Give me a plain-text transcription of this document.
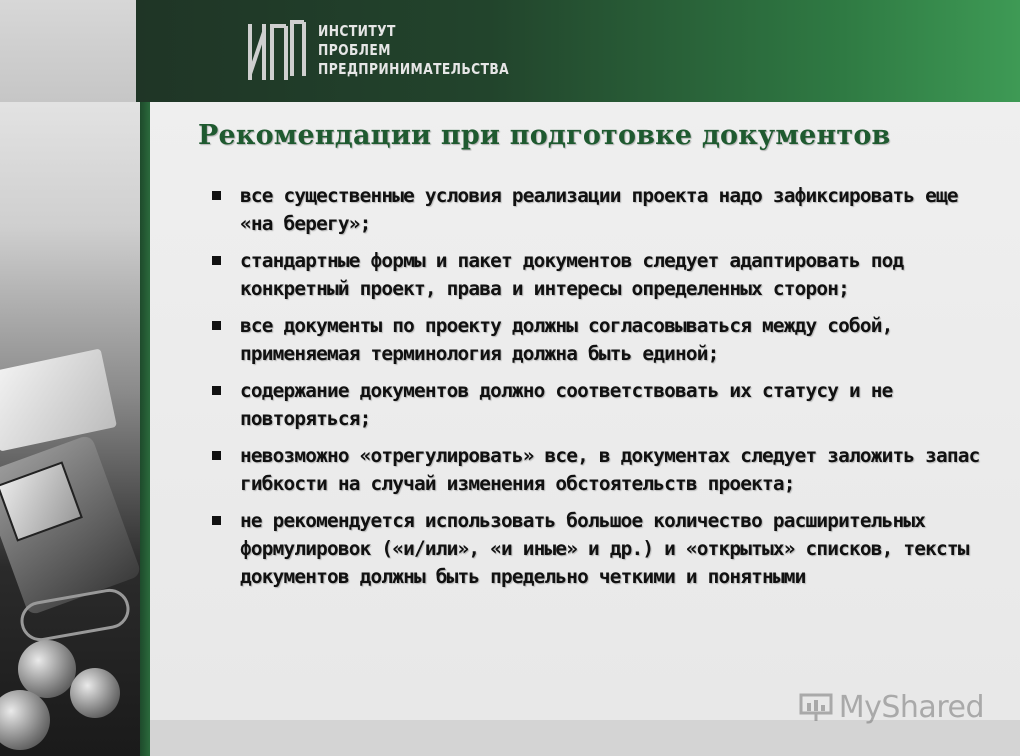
ИНСТИТУТ
ПРОБЛЕМ
ПРЕДПРИНИМАТЕЛЬСТВА
Рекомендации при подготовке документов
все существенные условия реализации проекта надо зафиксировать еще «на берегу»;
стандартные формы и пакет документов следует адаптировать под конкретный проект, права и интересы определенных сторон;
все документы по проекту должны согласовываться между собой, применяемая терминология должна быть единой;
содержание документов должно соответствовать их статусу и не повторяться;
невозможно «отрегулировать» все, в документах следует заложить запас гибкости на случай изменения обстоятельств проекта;
не рекомендуется использовать большое количество расширительных формулировок («и/или», «и иные» и др.) и «открытых» списков, тексты документов должны быть предельно четкими и понятными
MyShared
